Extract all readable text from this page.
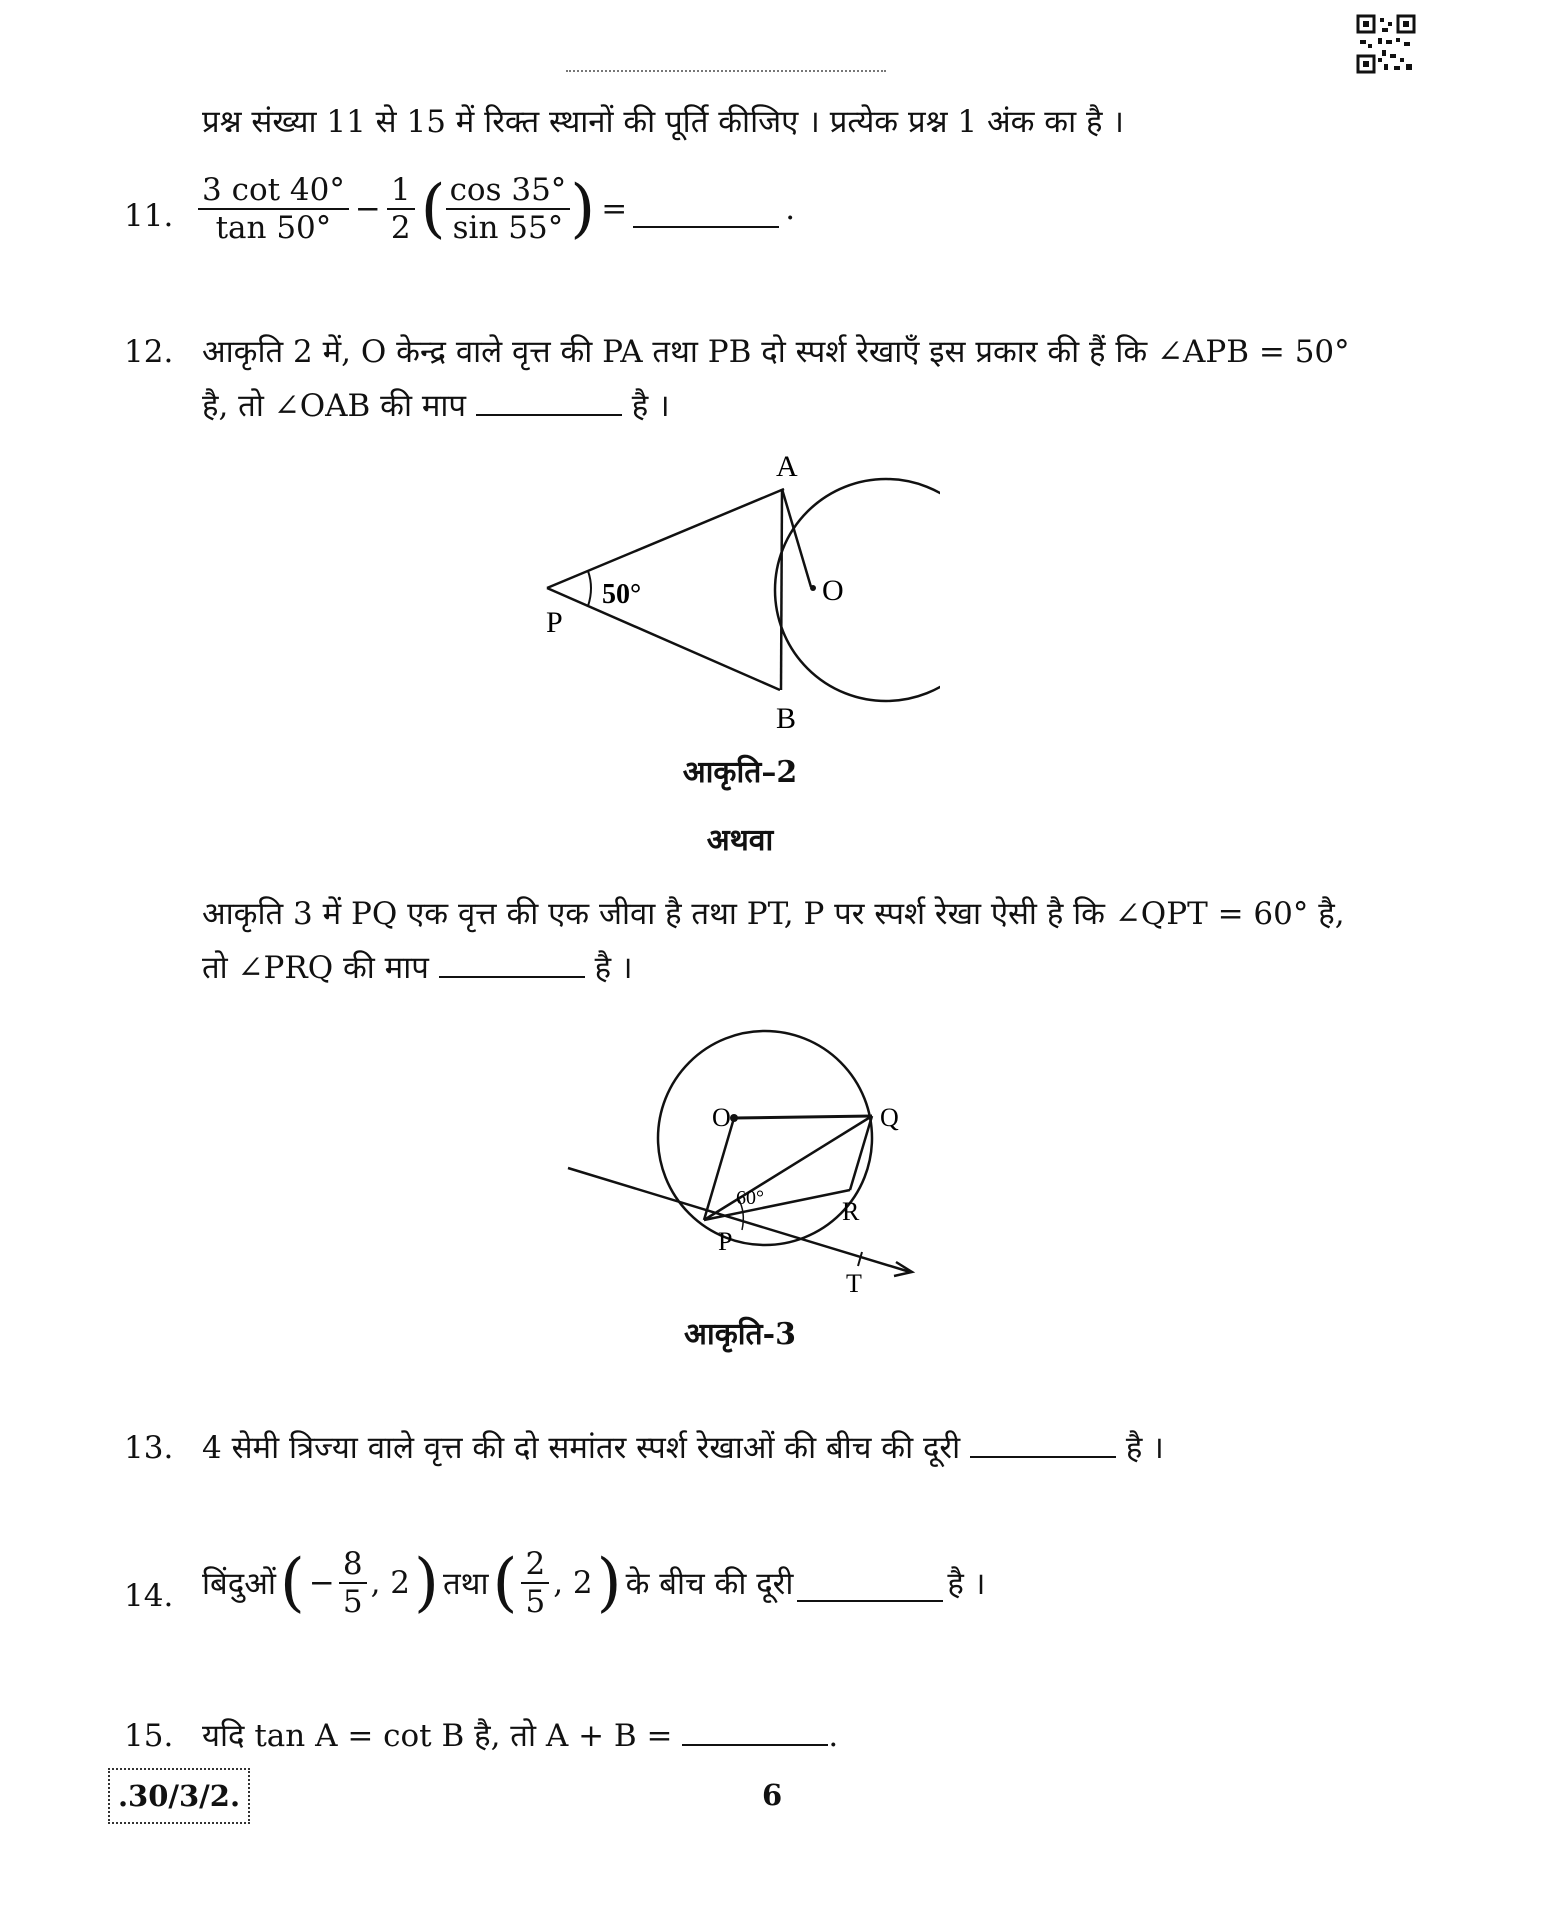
प्रश्न संख्या 11 से 15 में रिक्त स्थानों की पूर्ति कीजिए । प्रत्येक प्रश्न 1 अंक का है ।
11. $\frac{3 \cot 40^\circ}{\tan 50^\circ} - \frac{1}{2}$ ( $\frac{\cos 35^\circ}{\sin 55^\circ}$ ) =	.
12. आकृति 2 में, O केन्द्र वाले वृत्त की PA तथा PB दो स्पर्श रेखाएँ इस प्रकार की हैं कि ∠APB = 50°
है, तो ∠OAB की माप	है ।
A
B
O
P
50°
आकृति–2
अथवा
आकृति 3 में PQ एक वृत्त की एक जीवा है तथा PT, P पर स्पर्श रेखा ऐसी है कि ∠QPT = 60° है,
तो ∠PRQ की माप	है ।
60°
O	Q
R
P
T
आकृति-3
13. 4 सेमी त्रिज्या वाले वृत्त की दो समांतर स्पर्श रेखाओं की बीच की दूरी	है ।
14. बिंदुओं ( − $\frac{8}{5}$ , 2 ) तथा ( $\frac{2}{5}$ , 2 ) के बीच की दूरी	है ।
15. यदि tan A = cot B है, तो A + B =	.
.30/3/2.	6
